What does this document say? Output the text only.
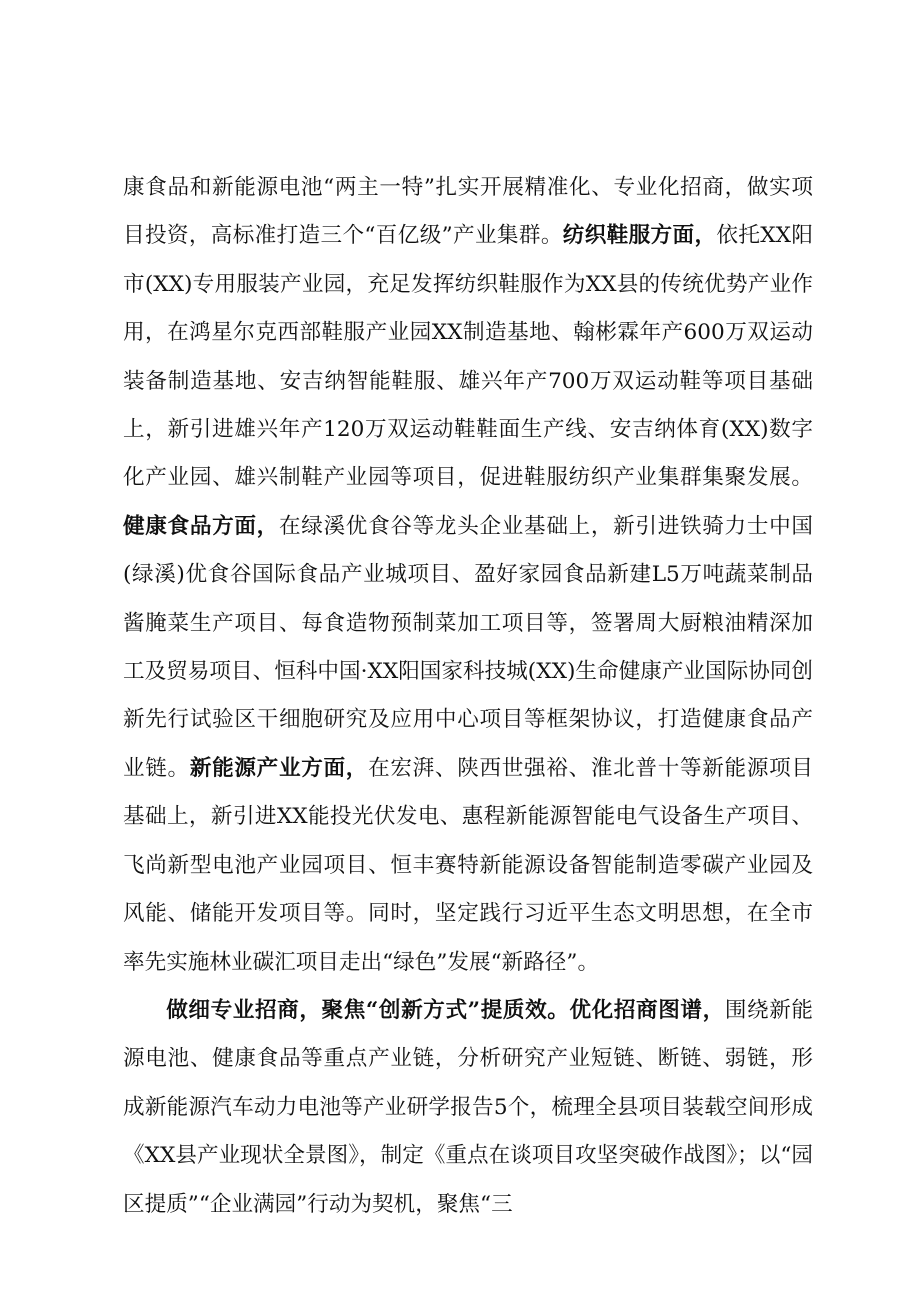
康食品和新能源电池“两主一特”扎实开展精准化、专业化招商，做实项目投资，高标准打造三个“百亿级”产业集群。纺织鞋服方面，依托XX阳市(XX)专用服装产业园，充足发挥纺织鞋服作为XX县的传统优势产业作用，在鸿星尔克西部鞋服产业园XX制造基地、翰彬霖年产600万双运动装备制造基地、安吉纳智能鞋服、雄兴年产700万双运动鞋等项目基础上，新引进雄兴年产120万双运动鞋鞋面生产线、安吉纳体育(XX)数字化产业园、雄兴制鞋产业园等项目，促进鞋服纺织产业集群集聚发展。健康食品方面，在绿溪优食谷等龙头企业基础上，新引进铁骑力士中国(绿溪)优食谷国际食品产业城项目、盈好家园食品新建L5万吨蔬菜制品酱腌菜生产项目、每食造物预制菜加工项目等，签署周大厨粮油精深加工及贸易项目、恒科中国·XX阳国家科技城(XX)生命健康产业国际协同创新先行试验区干细胞研究及应用中心项目等框架协议，打造健康食品产业链。新能源产业方面，在宏湃、陕西世强裕、淮北普十等新能源项目基础上，新引进XX能投光伏发电、惠程新能源智能电气设备生产项目、飞尚新型电池产业园项目、恒丰赛特新能源设备智能制造零碳产业园及风能、储能开发项目等。同时，坚定践行习近平生态文明思想，在全市率先实施林业碳汇项目走出“绿色”发展“新路径”。

做细专业招商，聚焦“创新方式”提质效。优化招商图谱，围绕新能源电池、健康食品等重点产业链，分析研究产业短链、断链、弱链，形成新能源汽车动力电池等产业研学报告5个，梳理全县项目装载空间形成《XX县产业现状全景图》，制定《重点在谈项目攻坚突破作战图》；以“园区提质”“企业满园”行动为契机，聚焦“三
